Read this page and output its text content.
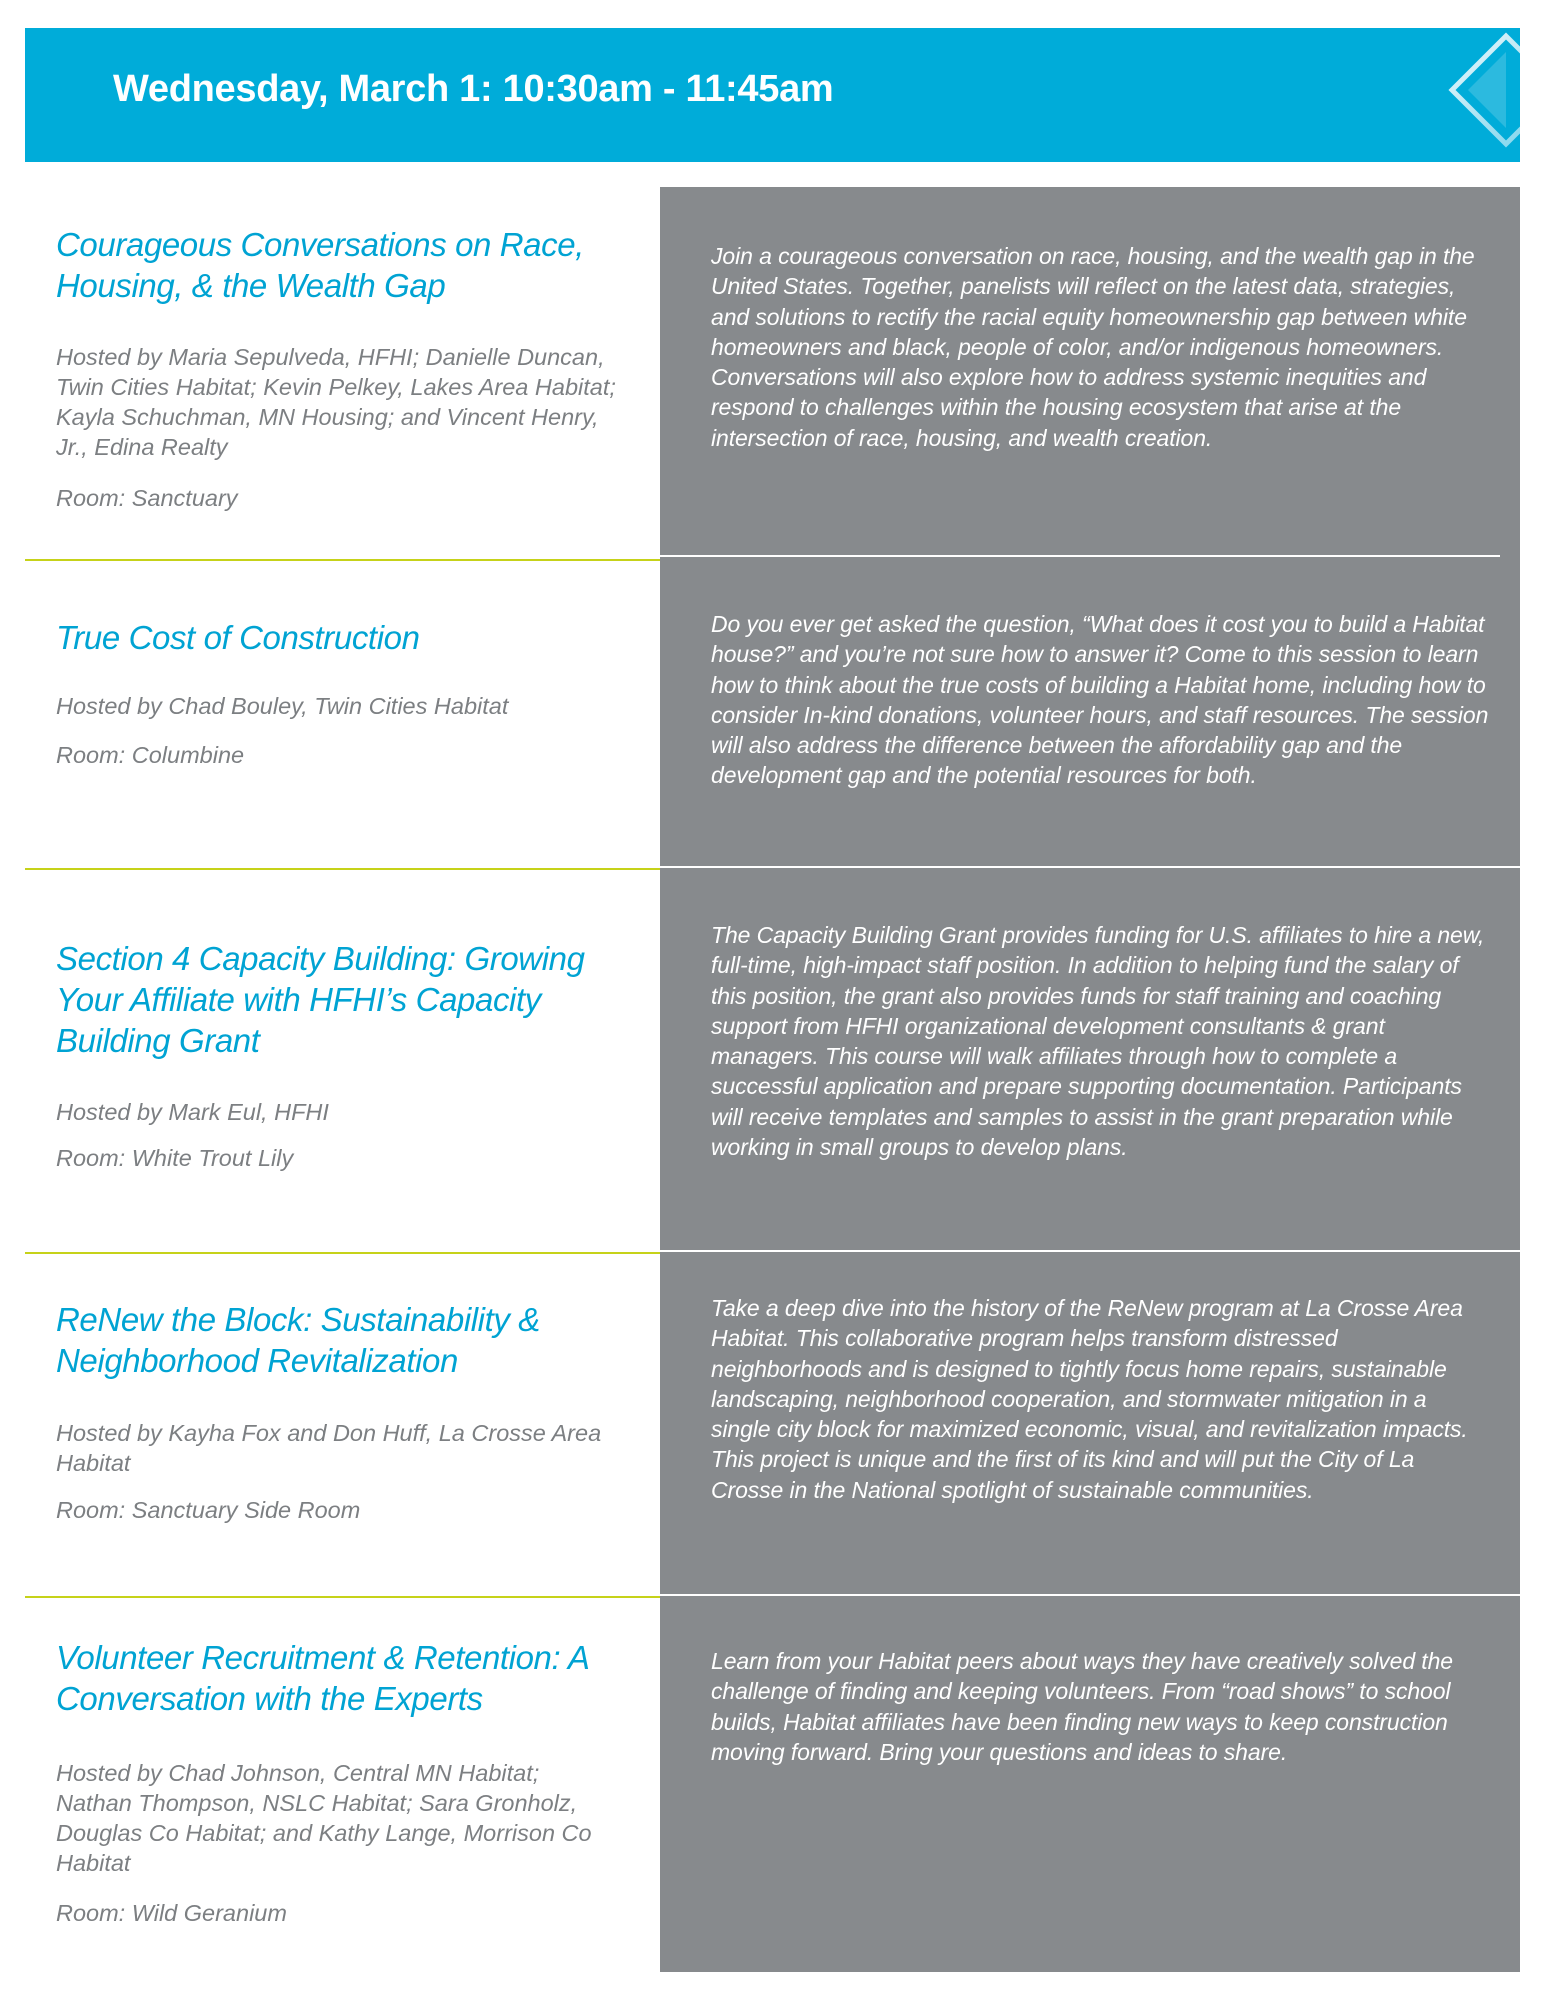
Wednesday, March 1: 10:30am - 11:45am
Courageous Conversations on Race, Housing, & the Wealth Gap

Hosted by Maria Sepulveda, HFHI; Danielle Duncan, Twin Cities Habitat; Kevin Pelkey, Lakes Area Habitat; Kayla Schuchman, MN Housing; and Vincent Henry, Jr., Edina Realty

Room: Sanctuary

Join a courageous conversation on race, housing, and the wealth gap in the United States. Together, panelists will reflect on the latest data, strategies, and solutions to rectify the racial equity homeownership gap between white homeowners and black, people of color, and/or indigenous homeowners. Conversations will also explore how to address systemic inequities and respond to challenges within the housing ecosystem that arise at the intersection of race, housing, and wealth creation.

True Cost of Construction

Hosted by Chad Bouley, Twin Cities Habitat

Room: Columbine

Do you ever get asked the question, “What does it cost you to build a Habitat house?” and you’re not sure how to answer it? Come to this session to learn how to think about the true costs of building a Habitat home, including how to consider In-kind donations, volunteer hours, and staff resources. The session will also address the difference between the affordability gap and the development gap and the potential resources for both.

Section 4 Capacity Building: Growing Your Affiliate with HFHI’s Capacity Building Grant

Hosted by Mark Eul, HFHI

Room: White Trout Lily

The Capacity Building Grant provides funding for U.S. affiliates to hire a new, full-time, high-impact staff position. In addition to helping fund the salary of this position, the grant also provides funds for staff training and coaching support from HFHI organizational development consultants & grant managers. This course will walk affiliates through how to complete a successful application and prepare supporting documentation. Participants will receive templates and samples to assist in the grant preparation while working in small groups to develop plans.

ReNew the Block: Sustainability & Neighborhood Revitalization

Hosted by Kayha Fox and Don Huff, La Crosse Area Habitat

Room: Sanctuary Side Room

Take a deep dive into the history of the ReNew program at La Crosse Area Habitat. This collaborative program helps transform distressed neighborhoods and is designed to tightly focus home repairs, sustainable landscaping, neighborhood cooperation, and stormwater mitigation in a single city block for maximized economic, visual, and revitalization impacts. This project is unique and the first of its kind and will put the City of La Crosse in the National spotlight of sustainable communities.

Volunteer Recruitment & Retention: A Conversation with the Experts

Hosted by Chad Johnson, Central MN Habitat; Nathan Thompson, NSLC Habitat; Sara Gronholz, Douglas Co Habitat; and Kathy Lange, Morrison Co Habitat

Room: Wild Geranium

Learn from your Habitat peers about ways they have creatively solved the challenge of finding and keeping volunteers. From “road shows” to school builds, Habitat affiliates have been finding new ways to keep construction moving forward. Bring your questions and ideas to share.
